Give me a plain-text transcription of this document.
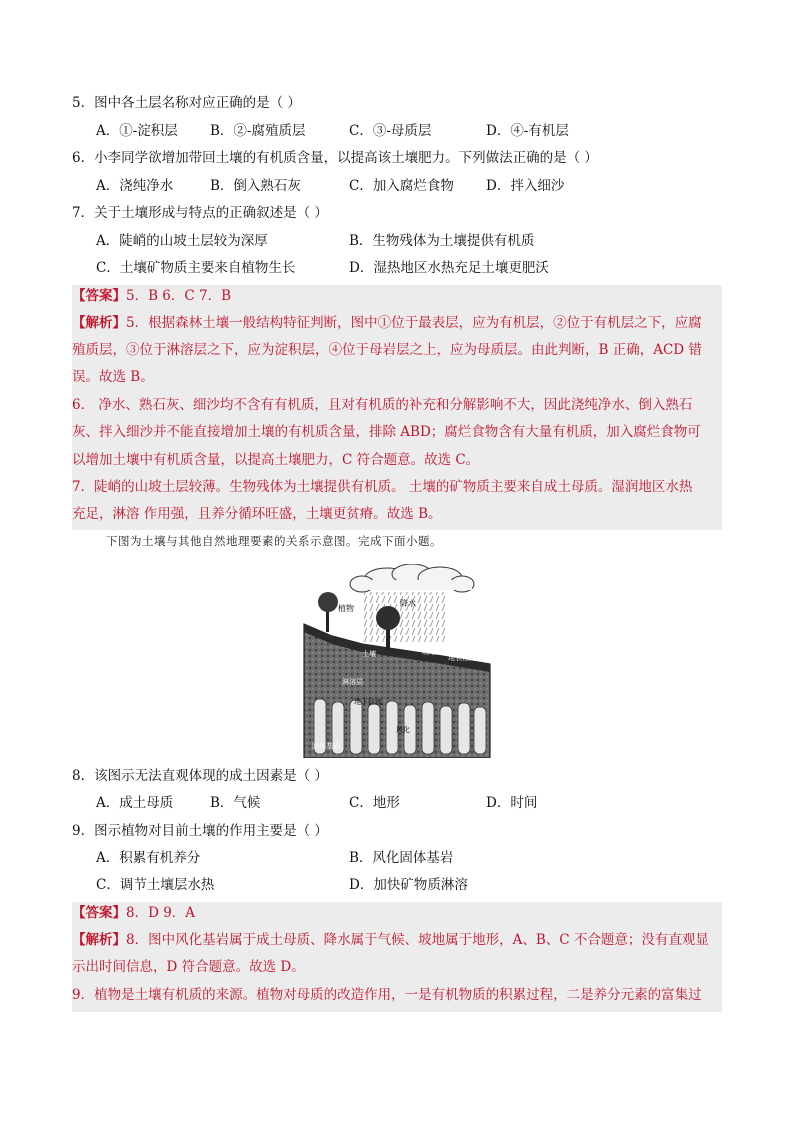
5．图中各土层名称对应正确的是（ ）
A．①-淀积层 B．②-腐殖质层	C．③-母质层	D．④-有机层
6．小李同学欲增加带回土壤的有机质含量，以提高该土壤肥力。下列做法正确的是（ ）
A．浇纯净水	B．倒入熟石灰	C．加入腐烂食物 D．拌入细沙
7．关于土壤形成与特点的正确叙述是（ ）
A．陡峭的山坡土层较为深厚	B．生物残体为土壤提供有机质
C．土壤矿物质主要来自植物生长	D．湿热地区水热充足土壤更肥沃
【答案】5．B 6．C 7．B
【解析】5．根据森林土壤一般结构特征判断，图中①位于最表层，应为有机层，②位于有机层之下，应腐
殖质层，③位于淋溶层之下，应为淀积层，④位于母岩层之上，应为母质层。由此判断，B 正确，ACD 错
误。故选 B。
6． 净水、熟石灰、细沙均不含有有机质，且对有机质的补充和分解影响不大，因此浇纯净水、倒入熟石
灰、拌入细沙并不能直接增加土壤的有机质含量，排除 ABD；腐烂食物含有大量有机质，加入腐烂食物可
以增加土壤中有机质含量，以提高土壤肥力，C 符合题意。故选 C。
7．陡峭的山坡土层较薄。生物残体为土壤提供有机质。 土壤的矿物质主要来自成土母质。湿润地区水热
充足，淋溶 作用强，且养分循环旺盛，土壤更贫瘠。故选 B。
下图为土壤与其他自然地理要素的关系示意图。完成下面小题。
植物
降水
坡地
地表径流
土壤
淋溶层
地下径流
固体基岩
风化
8．该图示无法直观体现的成土因素是（ ）
A．成土母质	B．气候	C．地形	D．时间
9．图示植物对目前土壤的作用主要是（ ）
A．积累有机养分	B．风化固体基岩
C．调节土壤层水热	D．加快矿物质淋溶
【答案】8．D 9．A
【解析】8．图中风化基岩属于成土母质、降水属于气候、坡地属于地形，A、B、C 不合题意；没有直观显
示出时间信息，D 符合题意。故选 D。
9．植物是土壤有机质的来源。植物对母质的改造作用，一是有机物质的积累过程，二是养分元素的富集过
